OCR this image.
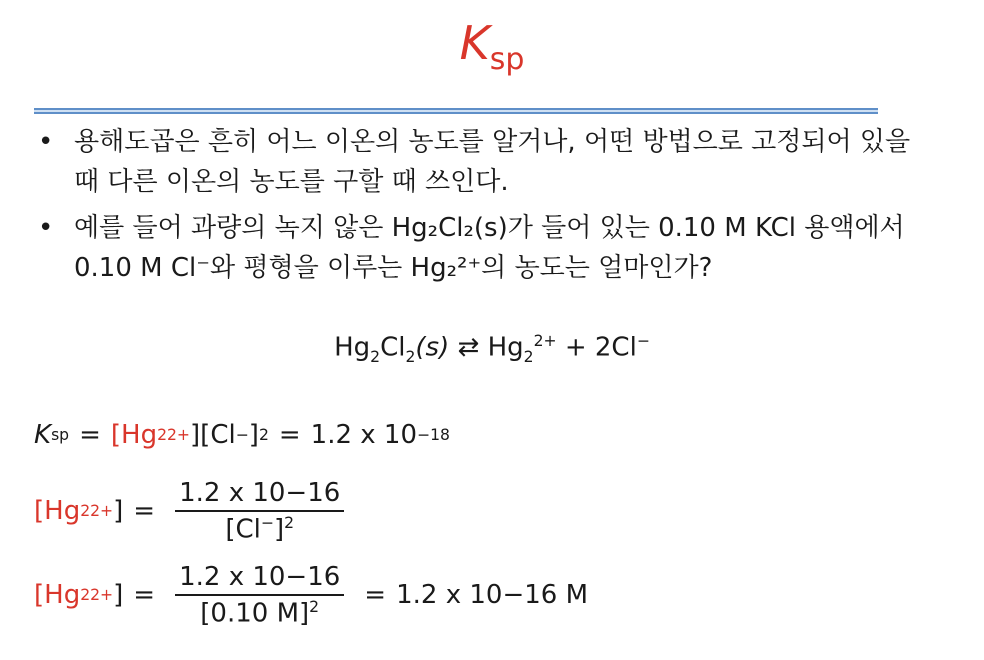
$K_{sp}$
• 용해도곱은 흔히 어느 이온의 농도를 알거나, 어떤 방법으로 고정되어 있을 때 다른 이온의 농도를 구할 때 쓰인다.
• 예를 들어 과량의 녹지 않은 Hg₂Cl₂(s)가 들어 있는 0.10 M KCl 용액에서 0.10 M Cl⁻와 평형을 이루는 Hg₂²⁺의 농도는 얼마인가?
$Hg_2Cl_2(s)$ ⇄ $Hg_2^{2+} + 2Cl^-$
K sp = [Hg 2 2+ ] [Cl − ] 2 = 1.2 x 10 −18
[Hg 2 2+ ] = $\frac{1.2 x 10-16}{[Cl^-]^2}$
[Hg 2 2+ ] = $\frac{1.2 x 10-16}{[0.10 M]^2} = 1.2$ x 10−16 M
